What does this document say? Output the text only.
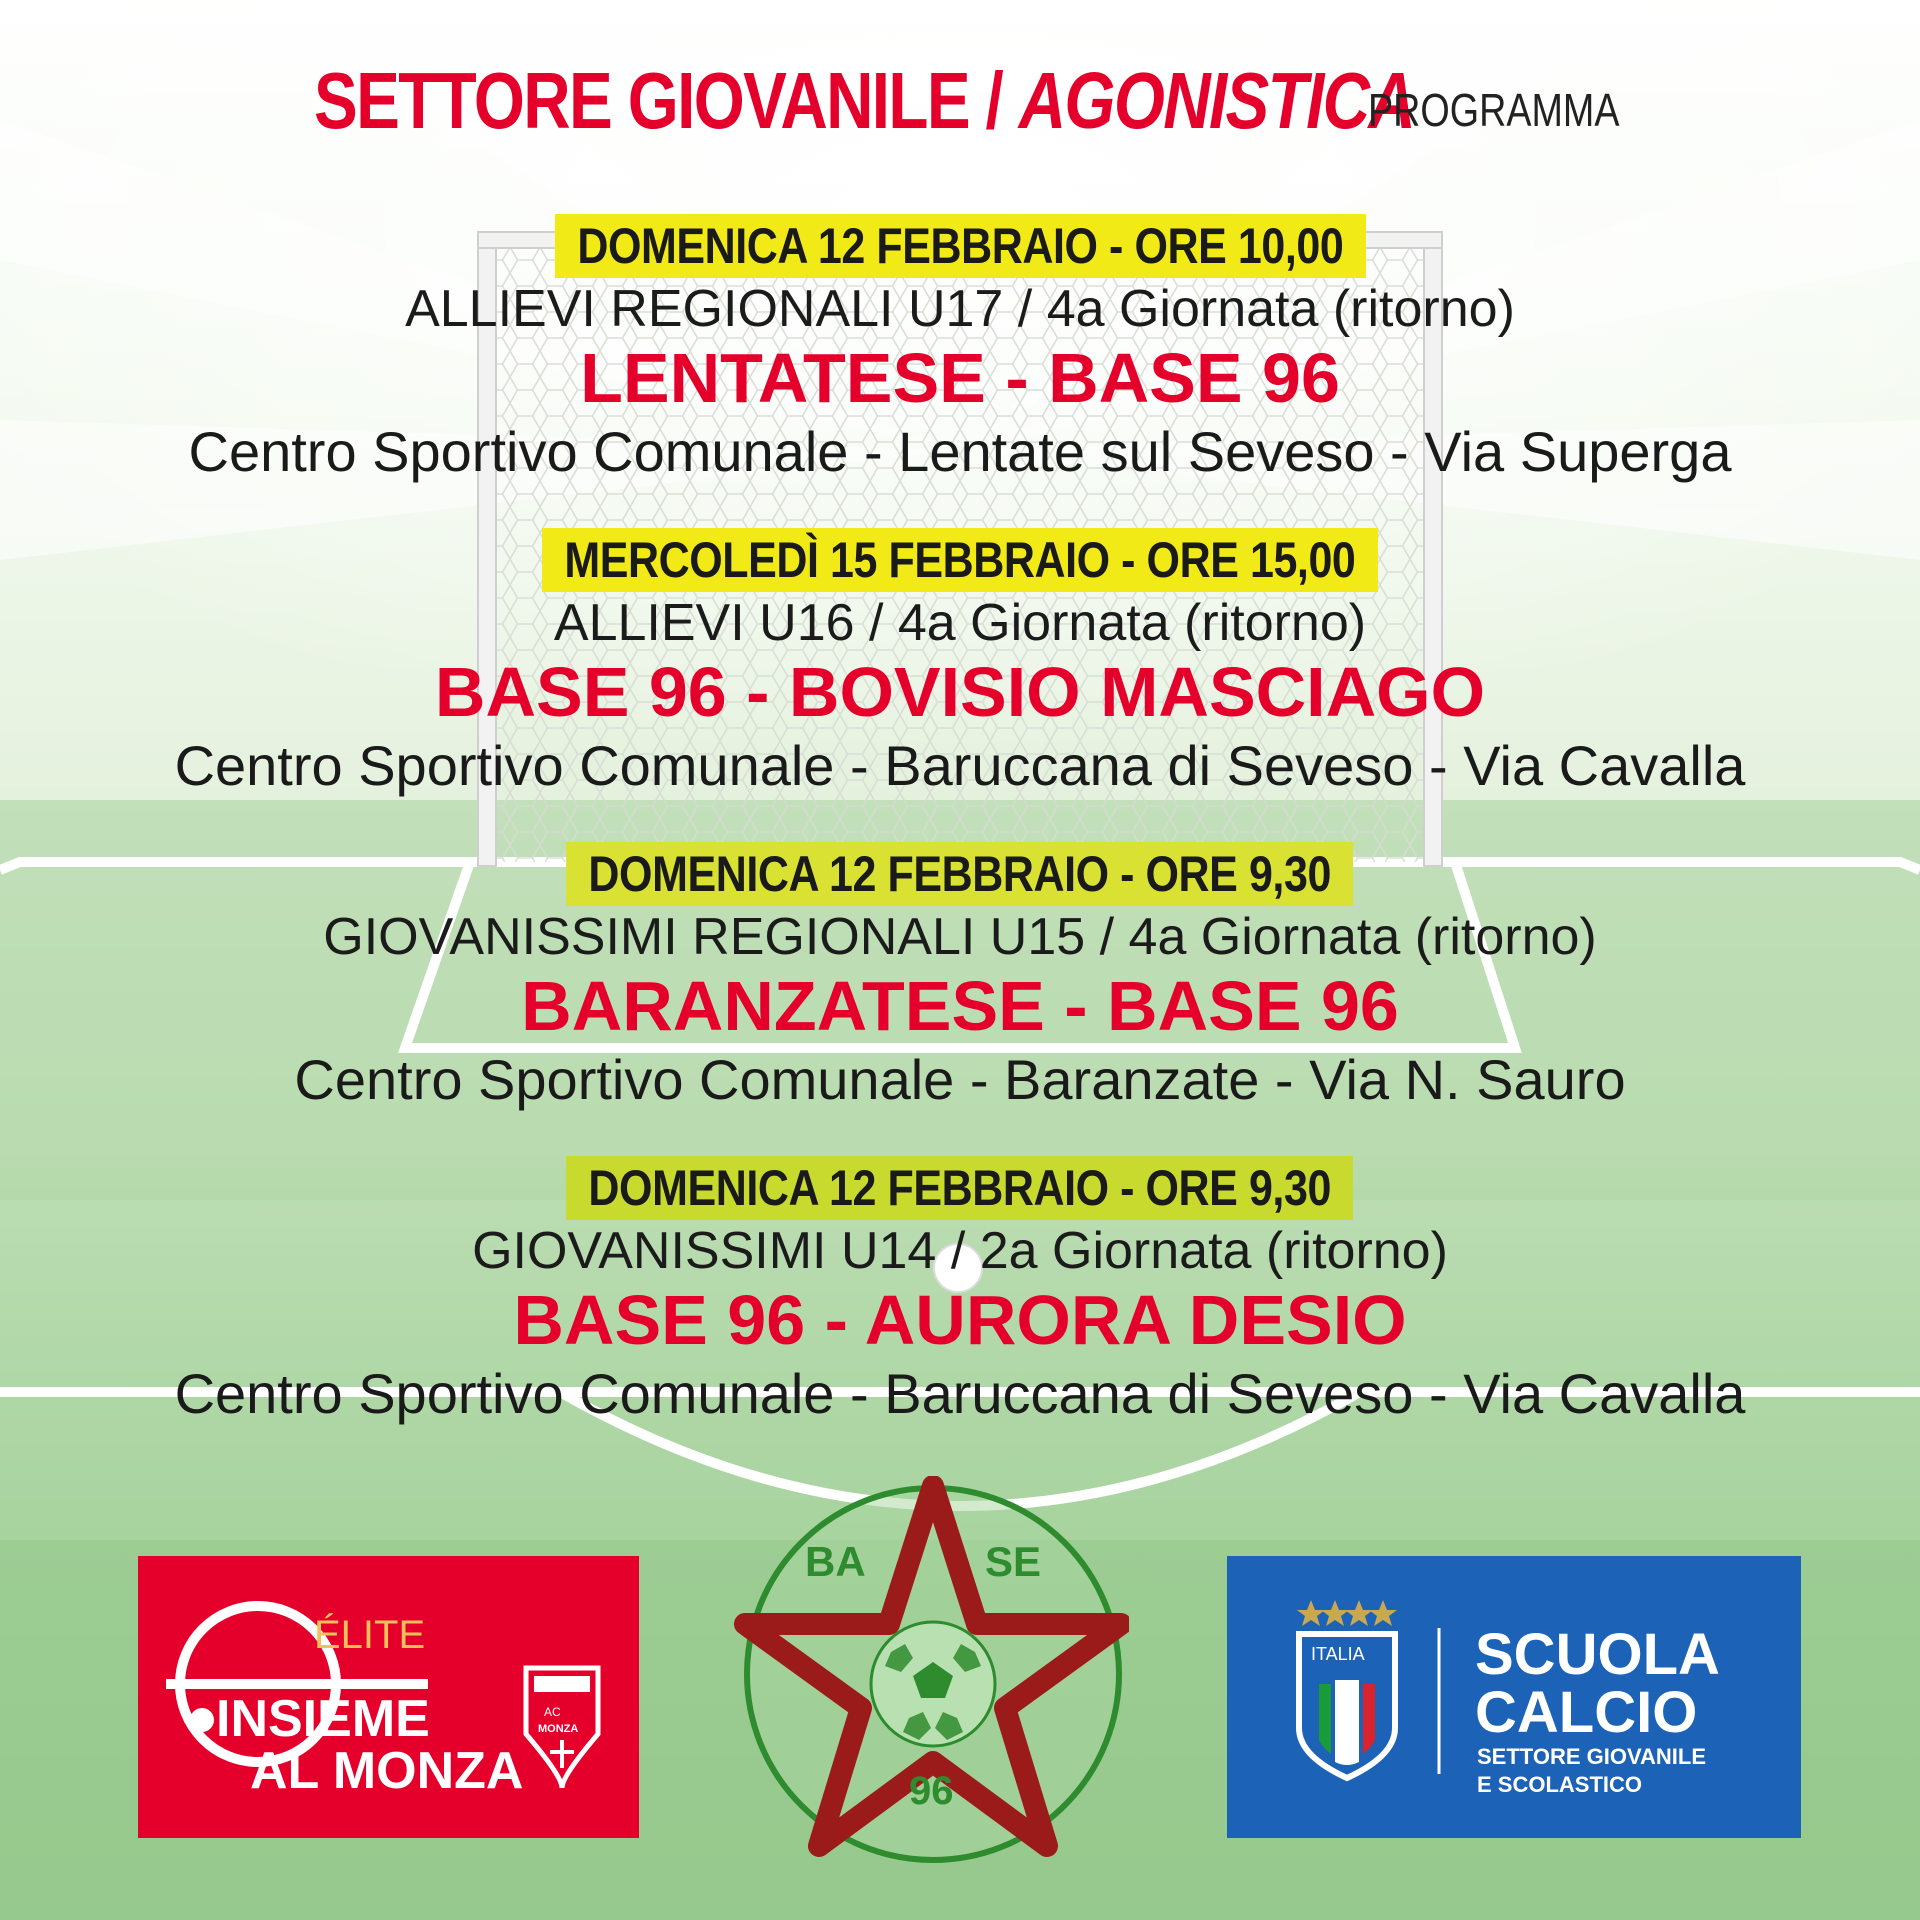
SETTORE GIOVANILE / AGONISTICA
PROGRAMMA
DOMENICA 12 FEBBRAIO - ORE 10,00
ALLIEVI REGIONALI U17 / 4a Giornata (ritorno)
LENTATESE - BASE 96
Centro Sportivo Comunale - Lentate sul Seveso - Via Superga
MERCOLEDÌ 15 FEBBRAIO - ORE 15,00
ALLIEVI U16 / 4a Giornata (ritorno)
BASE 96 - BOVISIO MASCIAGO
Centro Sportivo Comunale - Baruccana di Seveso - Via Cavalla
DOMENICA 12 FEBBRAIO - ORE 9,30
GIOVANISSIMI REGIONALI U15 / 4a Giornata (ritorno)
BARANZATESE - BASE 96
Centro Sportivo Comunale - Baranzate - Via N. Sauro
DOMENICA 12 FEBBRAIO - ORE 9,30
GIOVANISSIMI U14 / 2a Giornata (ritorno)
BASE 96 - AURORA DESIO
Centro Sportivo Comunale - Baruccana di Seveso - Via Cavalla
ÉLITE
INSIEME
AL MONZA
AC
MONZA
BA	SE
96
ITALIA SCUOLA
CALCIO
SETTORE GIOVANILE
E SCOLASTICO
